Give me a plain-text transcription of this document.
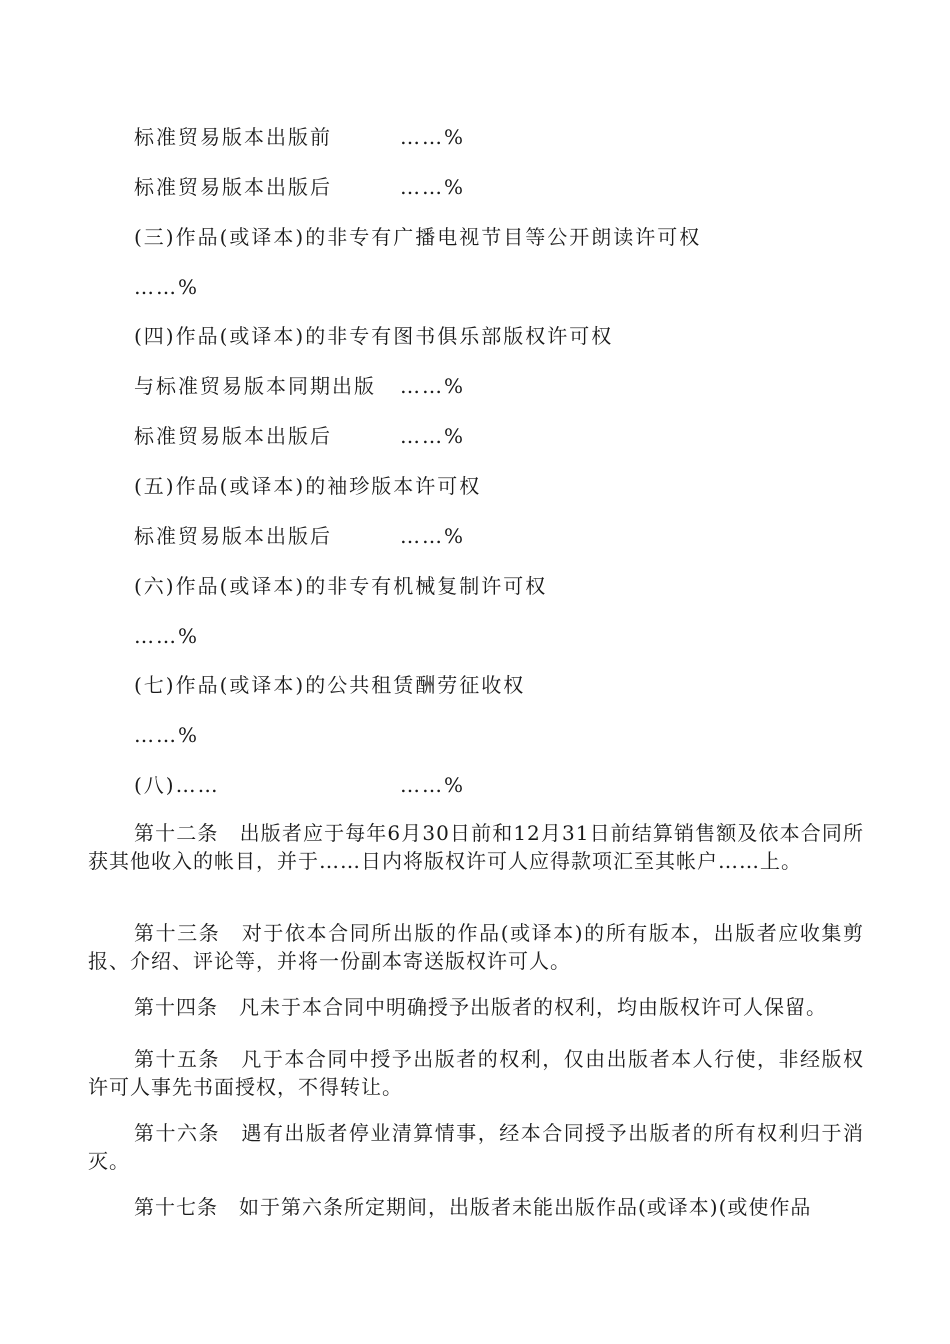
标准贸易版本出版前	……%
标准贸易版本出版后	……%
(三)作品(或译本)的非专有广播电视节目等公开朗读许可权
……%
(四)作品(或译本)的非专有图书俱乐部版权许可权
与标准贸易版本同期出版 ……%
标准贸易版本出版后	……%
(五)作品(或译本)的袖珍版本许可权
标准贸易版本出版后	……%
(六)作品(或译本)的非专有机械复制许可权
……%
(七)作品(或译本)的公共租赁酬劳征收权
……%
(八)……	……%
第十二条　出版者应于每年6月30日前和12月31日前结算销售额及依本合同所获其他收入的帐目，并于……日内将版权许可人应得款项汇至其帐户……上。
第十三条　对于依本合同所出版的作品(或译本)的所有版本，出版者应收集剪报、介绍、评论等，并将一份副本寄送版权许可人。
第十四条　凡未于本合同中明确授予出版者的权利，均由版权许可人保留。
第十五条　凡于本合同中授予出版者的权利，仅由出版者本人行使，非经版权许可人事先书面授权，不得转让。
第十六条　遇有出版者停业清算情事，经本合同授予出版者的所有权利归于消灭。
第十七条　如于第六条所定期间，出版者未能出版作品(或译本)(或使作品
